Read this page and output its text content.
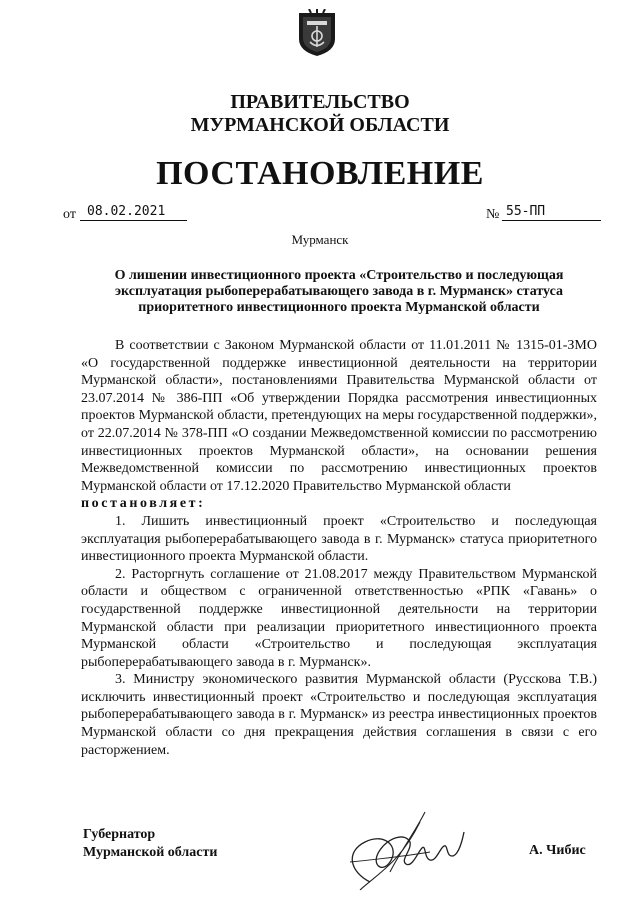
ПРАВИТЕЛЬСТВО
МУРМАНСКОЙ ОБЛАСТИ
ПОСТАНОВЛЕНИЕ
от 08.02.2021	№ 55-ПП
Мурманск
О лишении инвестиционного проекта «Строительство и последующая эксплуатация рыбоперерабатывающего завода в г. Мурманск» статуса приоритетного инвестиционного проекта Мурманской области

В соответствии с Законом Мурманской области от 11.01.2011 № 1315-01-ЗМО «О государственной поддержке инвестиционной деятельности на территории Мурманской области», постановлениями Правительства Мурманской области от 23.07.2014 № 386-ПП «Об утверждении Порядка рассмотрения инвестиционных проектов Мурманской области, претендующих на меры государственной поддержки», от 22.07.2014 № 378-ПП «О создании Межведомственной комиссии по рассмотрению инвестиционных проектов Мурманской области», на основании решения Межведомственной комиссии по рассмотрению инвестиционных проектов Мурманской области от 17.12.2020 Правительство Мурманской области

постановляет:

1. Лишить инвестиционный проект «Строительство и последующая эксплуатация рыбоперерабатывающего завода в г. Мурманск» статуса приоритетного инвестиционного проекта Мурманской области.

2. Расторгнуть соглашение от 21.08.2017 между Правительством Мурманской области и обществом с ограниченной ответственностью «РПК «Гавань» о государственной поддержке инвестиционной деятельности на территории Мурманской области при реализации приоритетного инвестиционного проекта Мурманской области «Строительство и последующая эксплуатация рыбоперерабатывающего завода в г. Мурманск».

3. Министру экономического развития Мурманской области (Русскова Т.В.) исключить инвестиционный проект «Строительство и последующая эксплуатация рыбоперерабатывающего завода в г. Мурманск» из реестра инвестиционных проектов Мурманской области со дня прекращения действия соглашения в связи с его расторжением.

Губернатор
Мурманской области	А. Чибис
